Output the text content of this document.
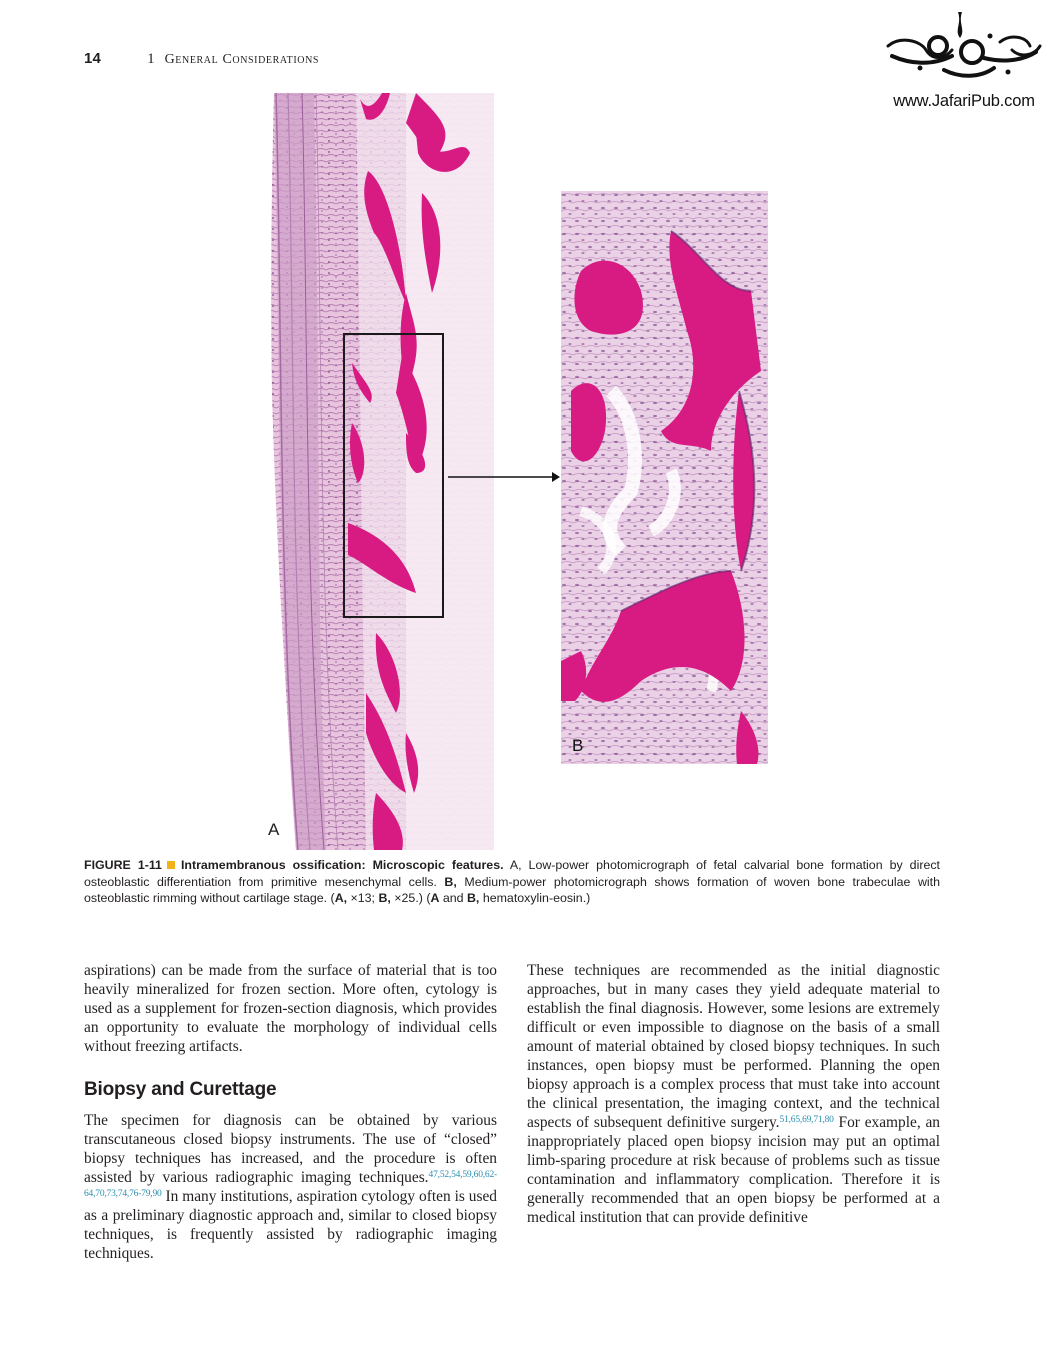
14	1 General Considerations
www.JafariPub.com
A
B
FIGURE 1-11 Intramembranous ossification: Microscopic features. A, Low-power photomicrograph of fetal calvarial bone formation by direct osteoblastic differentiation from primitive mesenchymal cells. B, Medium-power photomicrograph shows formation of woven bone trabeculae with osteoblastic rimming without cartilage stage. (A, ×13; B, ×25.) (A and B, hematoxylin-eosin.)

aspirations) can be made from the surface of material that is too heavily mineralized for frozen section. More often, cytology is used as a supplement for frozen-section diagnosis, which provides an opportunity to evaluate the morphology of individual cells without freezing artifacts.

Biopsy and Curettage

The specimen for diagnosis can be obtained by various transcutaneous closed biopsy instruments. The use of “closed” biopsy techniques has increased, and the procedure is often assisted by various radiographic imaging techniques.$^{47,52,54,59,60,62-64,70,73,74,76-79,90}$ In many institutions, aspiration cytology often is used as a preliminary diagnostic approach and, similar to closed biopsy techniques, is frequently assisted by radiographic imaging techniques.

These techniques are recommended as the initial diagnostic approaches, but in many cases they yield adequate material to establish the final diagnosis. However, some lesions are extremely difficult or even impossible to diagnose on the basis of a small amount of material obtained by closed biopsy techniques. In such instances, open biopsy must be performed. Planning the open biopsy approach is a complex process that must take into account the clinical presentation, the imaging context, and the technical aspects of subsequent definitive surgery.$^{51,65,69,71,80}$ For example, an inappropriately placed open biopsy incision may put an optimal limb-sparing procedure at risk because of problems such as tissue contamination and inflammatory complication. Therefore it is generally recommended that an open biopsy be performed at a medical institution that can provide definitive
